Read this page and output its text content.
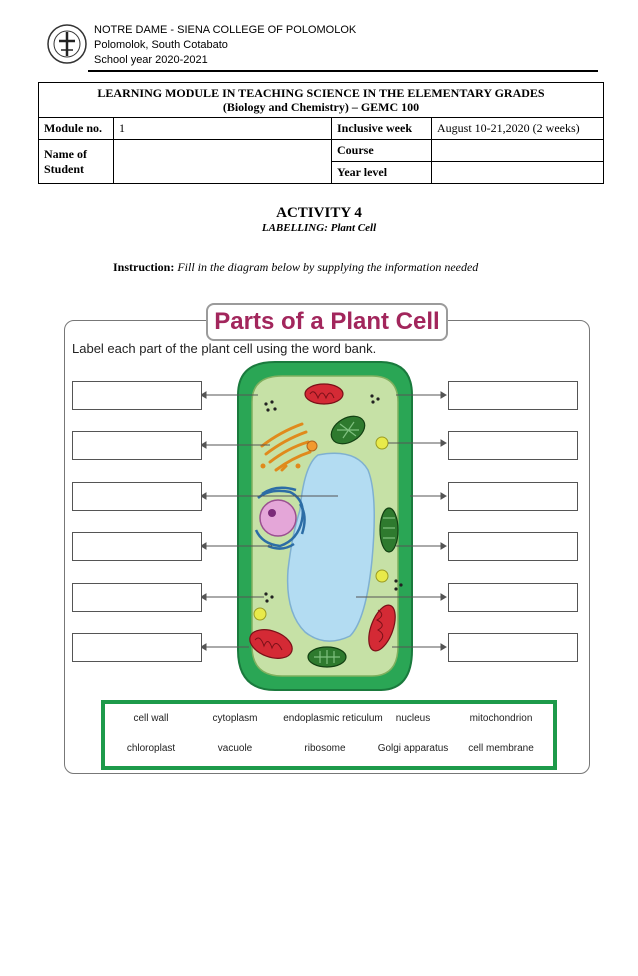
NOTRE DAME - SIENA COLLEGE OF POLOMOLOK
Polomolok, South Cotabato
School year 2020-2021
LEARNING MODULE IN TEACHING SCIENCE IN THE ELEMENTARY GRADES
(Biology and Chemistry) – GEMC 100			

Module no.	1	Inclusive week	August 10-21,2020 (2 weeks)
Name of Student		Course	
		Year level	
ACTIVITY 4
LABELLING: Plant Cell
Instruction: Fill in the diagram below by supplying the information needed
Parts of a Plant Cell
Label each part of the plant cell using the word bank.
cell wall	cytoplasm	endoplasmic reticulum	nucleus	mitochondrion
chloroplast	vacuole	ribosome	Golgi apparatus	cell membrane
